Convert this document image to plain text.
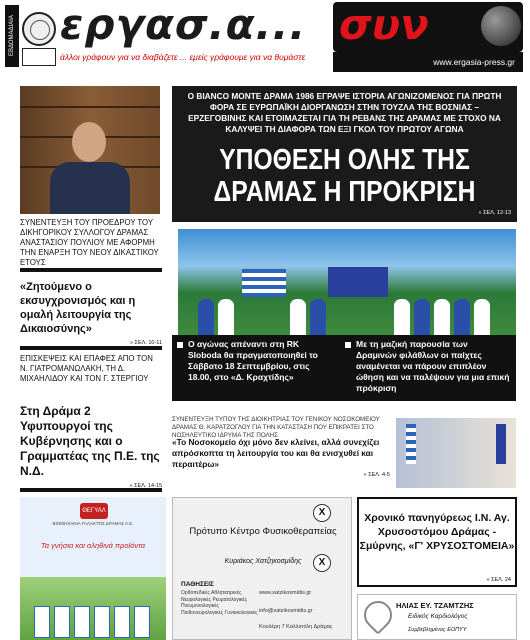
ΕΒΔΟΜΑΔΙΑΙΑ εργασ.α... συν
άλλοι γράφουν για να διαβάζετε ... εμείς γράφουμε για να θυμάστε	www.ergasia-press.gr
Ο BIANCO MONTE ΔΡΑΜΑ 1986 ΕΓΡΑΨΕ ΙΣΤΟΡΙΑ ΑΓΩΝΙΖΟΜΕΝΟΣ ΓΙΑ ΠΡΩΤΗ ΦΟΡΑ ΣΕ ΕΥΡΩΠΑΪΚΗ ΔΙΟΡΓΑΝΩΣΗ ΣΤΗΝ ΤΟΥΖΛΑ ΤΗΣ ΒΟΣΝΙΑΣ – ΕΡΖΕΓΟΒΙΝΗΣ ΚΑΙ ΕΤΟΙΜΑΖΕΤΑΙ ΓΙΑ ΤΗ ΡΕΒΑΝΣ ΤΗΣ ΔΡΑΜΑΣ ΜΕ ΣΤΟΧΟ ΝΑ ΚΑΛΥΨΕΙ ΤΗ ΔΙΑΦΟΡΑ ΤΩΝ ΕΞΙ ΓΚΟΛ ΤΟΥ ΠΡΩΤΟΥ ΑΓΩΝΑ
ΥΠΟΘΕΣΗ ΟΛΗΣ ΤΗΣ
ΔΡΑΜΑΣ Η ΠΡΟΚΡΙΣΗ
» ΣΕΛ. 12-13
Ο αγώνας απέναντι στη RK Sloboda θα πραγματοποιηθεί το Σάββατο 18 Σεπτεμβρίου, στις 18.00, στο «Δ. Κραχτίδης»
Με τη μαζική παρουσία των Δραμινών φιλάθλων οι παίχτες αναμένεται να πάρουν επιπλέον ώθηση και να παλέψουν για μια επική πρόκριση
ΣΥΝΕΝΤΕΥΞΗ ΤΟΥ ΠΡΟΕΔΡΟΥ ΤΟΥ ΔΙΚΗΓΟΡΙΚΟΥ ΣΥΛΛΟΓΟΥ ΔΡΑΜΑΣ ΑΝΑΣΤΑΣΙΟΥ ΠΟΥΛΙΟΥ ΜΕ ΑΦΟΡΜΗ ΤΗΝ ΕΝΑΡΞΗ ΤΟΥ ΝΕΟΥ ΔΙΚΑΣΤΙΚΟΥ ΕΤΟΥΣ
«Ζητούμενο ο εκσυγχρονισμός και η ομαλή λειτουργία της Δικαιοσύνης»
» ΣΕΛ. 10-11
ΕΠΙΣΚΕΨΕΙΣ ΚΑΙ ΕΠΑΦΕΣ ΑΠΟ ΤΟΝ Ν. ΓΙΑΤΡΟΜΑΝΩΛΑΚΗ, ΤΗ Δ. ΜΙΧΑΗΛΙΔΟΥ ΚΑΙ ΤΟΝ Γ. ΣΤΕΡΓΙΟΥ
Στη Δράμα 2 Υφυπουργοί της Κυβέρνησης και ο Γραμματέας της Π.Ε. της Ν.Δ.
» ΣΕΛ. 14-15
ΣΥΝΕΝΤΕΥΞΗ ΤΥΠΟΥ ΤΗΣ ΔΙΟΙΚΗΤΡΙΑΣ ΤΟΥ ΓΕΝΙΚΟΥ ΝΟΣΟΚΟΜΕΙΟΥ ΔΡΑΜΑΣ Θ. ΚΑΡΑΤΖΟΓΛΟΥ ΓΙΑ ΤΗΝ ΚΑΤΑΣΤΑΣΗ ΠΟΥ ΕΠΙΚΡΑΤΕΙ ΣΤΟ ΝΟΣΗΛΕΥΤΙΚΟ ΙΔΡΥΜΑ ΤΗΣ ΠΟΛΗΣ
«Το Νοσοκομείο όχι μόνο δεν κλείνει, αλλά συνεχίζει απρόσκοπτα τη λειτουργία του και θα ενισχυθεί και περαιτέρω»
» ΣΕΛ. 4-5
ΘΕΓΥΑΛ
ΒΙΟΜΗΧΑΝΙΑ ΓΑΛΑΚΤΟΣ ΔΡΑΜΑΣ Α.Ε.
Τα γνήσια και αληθινά προϊόντα
X
Πρότυπο Κέντρο Φυσικοθεραπείας
X
Κυριάκος Χατζηκοσμίδης
ΠΑΘΗΣΕΙΣ
Ορθοπεδικές Αθλητιατρικές Νευρολογικές Ρευματολογικές Πνευμονολογικές Παιδονευρολογικές Γυναικολογικές
www.xatzikosmidis.gr
info@xatzikosmidis.gr
Κουλέρη 7 Καλλιπόλη Δράμας
Χρονικό πανηγύρεως Ι.Ν. Αγ. Χρυσοστόμου Δράμας - Σμύρνης, «Γ' ΧΡΥΣΟΣΤΟΜΕΙΑ»
» ΣΕΛ. 24
ΗΛΙΑΣ ΕΥ. ΤΖΑΜΤΖΗΣ
Ειδικός Καρδιολόγος
Συμβεβλημένος ΕΟΠΥΥ
